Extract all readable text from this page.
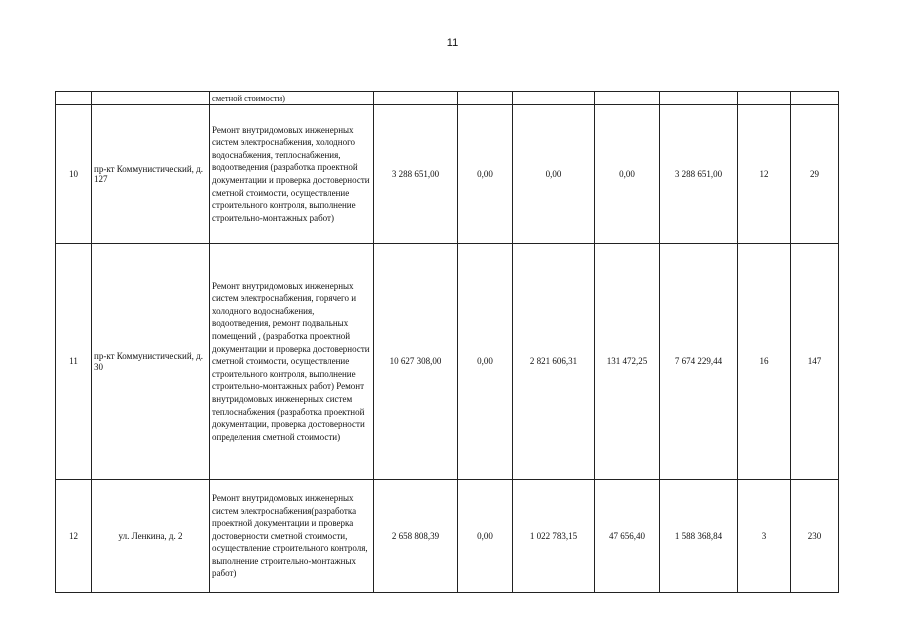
11
		сметной стоимости)							
10	пр-кт Коммунистический, д. 127	Ремонт внутридомовых инженерных систем электроснабжения, холодного водоснабжения, теплоснабжения, водоотведения (разработка проектной документации и проверка достоверности сметной стоимости, осуществление строительного контроля, выполнение строительно-монтажных работ)	3 288 651,00	0,00	0,00	0,00	3 288 651,00	12	29
11	пр-кт Коммунистический, д. 30	Ремонт внутридомовых инженерных систем электроснабжения, горячего и холодного водоснабжения, водоотведения, ремонт подвальных помещений , (разработка проектной документации и проверка достоверности сметной стоимости, осуществление строительного контроля, выполнение строительно-монтажных работ) Ремонт внутридомовых инженерных систем теплоснабжения (разработка проектной документации, проверка достоверности определения сметной стоимости)	10 627 308,00	0,00	2 821 606,31	131 472,25	7 674 229,44	16	147
12	ул. Ленкина, д. 2	Ремонт внутридомовых инженерных систем электроснабжения(разработка проектной документации и проверка достоверности сметной стоимости, осуществление строительного контроля, выполнение строительно-монтажных работ)	2 658 808,39	0,00	1 022 783,15	47 656,40	1 588 368,84	3	230
